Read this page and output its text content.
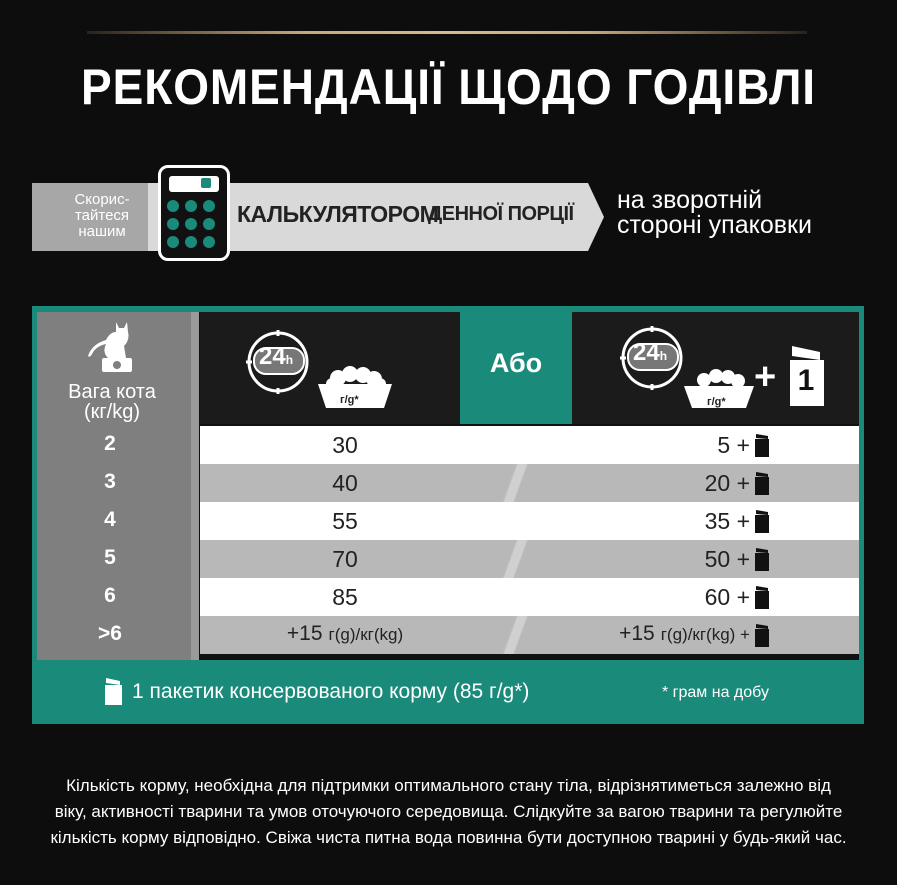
РЕКОМЕНДАЦІЇ ЩОДО ГОДІВЛІ
Скорис-
тайтеся
нашим
КАЛЬКУЛЯТОРОМ
ДЕННОЇ ПОРЦІЇ на зворотній
стороні упаковки
Вага кота
(кг/kg)
Або
24h
г/g*
24h
г/g*
+ 1
2	30	5 +
3	40	20 +
4	55	35 +
5	70	50 +
6	85	60 +
>6	+15 г(g)/кг(kg)	+15 г(g)/кг(kg) +
1 пакетик консервованого корму (85 г/g*)	* грам на добу
Кількість корму, необхідна для підтримки оптимального стану тіла, відрізнятиметься залежно від
віку, активності тварини та умов оточуючого середовища. Слідкуйте за вагою тварини та регулюйте
кількість корму відповідно. Свіжа чиста питна вода повинна бути доступною тварині у будь-який час.
